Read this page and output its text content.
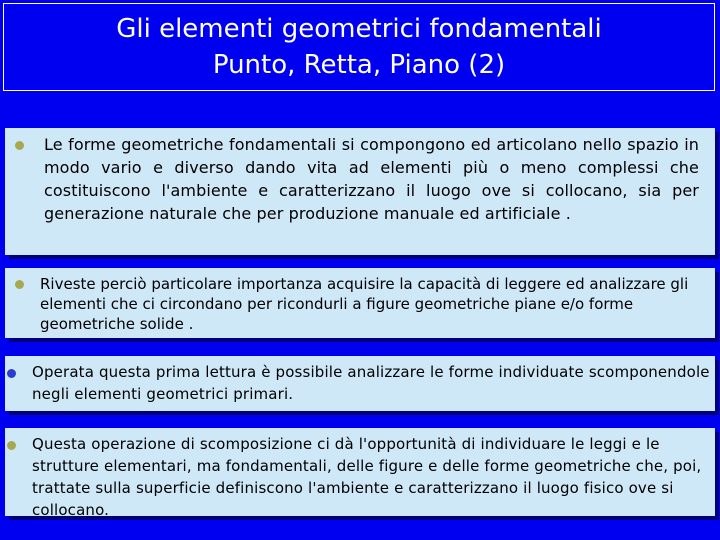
Gli elementi geometrici fondamentali
Punto, Retta, Piano (2)

Le forme geometriche fondamentali si compongono ed articolano nello spazio in modo vario e diverso dando vita ad elementi più o meno complessi che costituiscono l'ambiente e caratterizzano il luogo ove si collocano, sia per generazione naturale che per produzione manuale ed artificiale .

Riveste perciò particolare importanza acquisire la capacità di leggere ed analizzare gli elementi che ci circondano per ricondurli a figure geometriche piane e/o forme geometriche solide .

Operata questa prima lettura è possibile analizzare le forme individuate scomponendole negli elementi geometrici primari.

Questa operazione di scomposizione ci dà l'opportunità di individuare le leggi e le strutture elementari, ma fondamentali, delle figure e delle forme geometriche che, poi, trattate sulla superficie definiscono l'ambiente e caratterizzano il luogo fisico ove si collocano.
